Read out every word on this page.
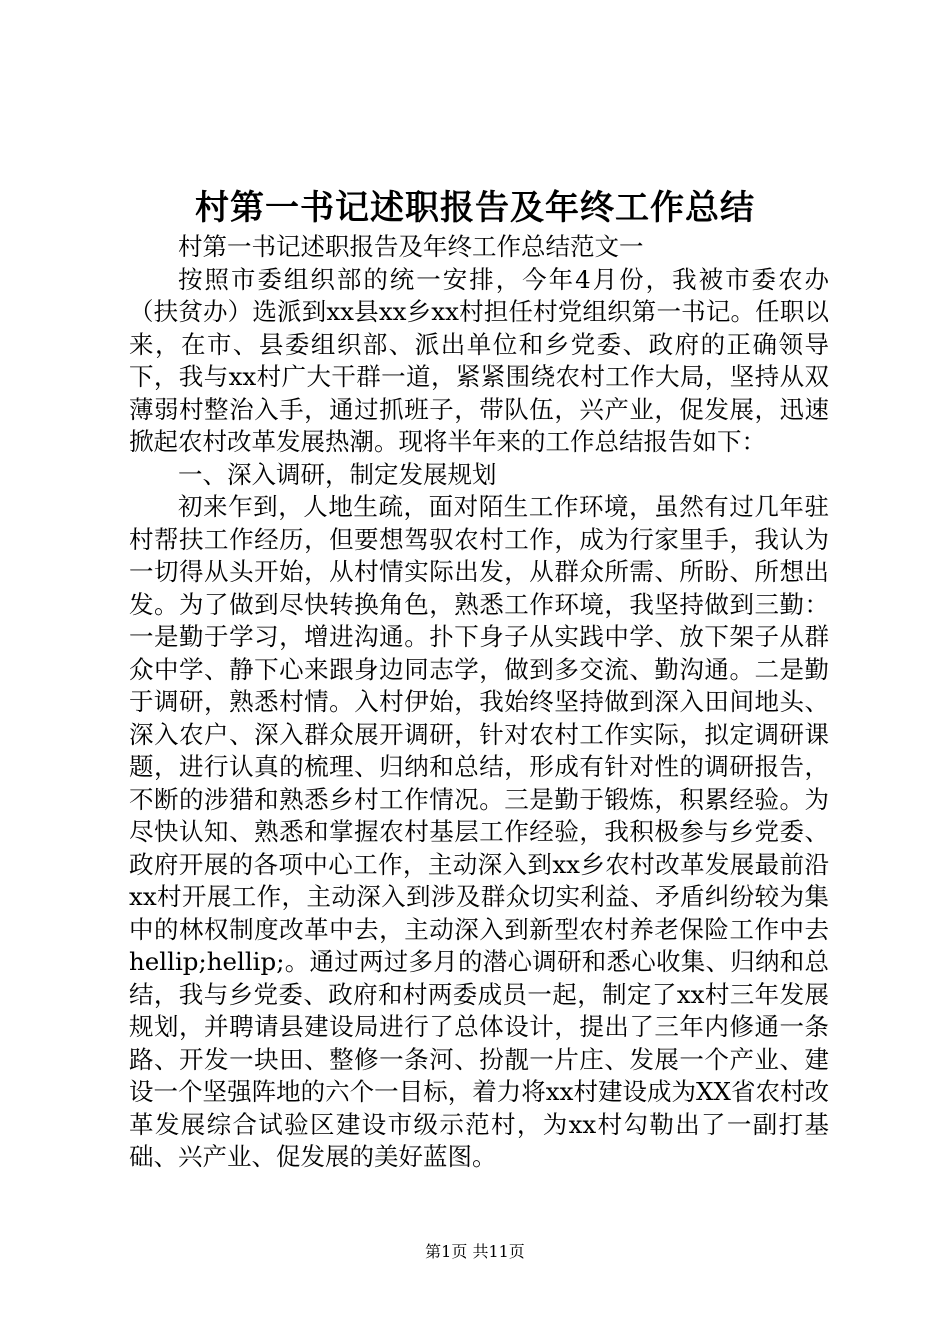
村第一书记述职报告及年终工作总结

村第一书记述职报告及年终工作总结范文一

按照市委组织部的统一安排，今年4月份，我被市委农办（扶贫办）选派到xx县xx乡xx村担任村党组织第一书记。任职以来，在市、县委组织部、派出单位和乡党委、政府的正确领导下，我与xx村广大干群一道，紧紧围绕农村工作大局，坚持从双薄弱村整治入手，通过抓班子，带队伍，兴产业，促发展，迅速掀起农村改革发展热潮。现将半年来的工作总结报告如下：

一、深入调研，制定发展规划

初来乍到，人地生疏，面对陌生工作环境，虽然有过几年驻村帮扶工作经历，但要想驾驭农村工作，成为行家里手，我认为一切得从头开始，从村情实际出发，从群众所需、所盼、所想出发。为了做到尽快转换角色，熟悉工作环境，我坚持做到三勤：一是勤于学习，增进沟通。扑下身子从实践中学、放下架子从群众中学、静下心来跟身边同志学，做到多交流、勤沟通。二是勤于调研，熟悉村情。入村伊始，我始终坚持做到深入田间地头、深入农户、深入群众展开调研，针对农村工作实际，拟定调研课题，进行认真的梳理、归纳和总结，形成有针对性的调研报告，不断的涉猎和熟悉乡村工作情况。三是勤于锻炼，积累经验。为尽快认知、熟悉和掌握农村基层工作经验，我积极参与乡党委、政府开展的各项中心工作，主动深入到xx乡农村改革发展最前沿xx村开展工作，主动深入到涉及群众切实利益、矛盾纠纷较为集中的林权制度改革中去，主动深入到新型农村养老保险工作中去hellip;hellip;。通过两过多月的潜心调研和悉心收集、归纳和总结，我与乡党委、政府和村两委成员一起，制定了xx村三年发展规划，并聘请县建设局进行了总体设计，提出了三年内修通一条路、开发一块田、整修一条河、扮靓一片庄、发展一个产业、建设一个坚强阵地的六个一目标，着力将xx村建设成为XX省农村改革发展综合试验区建设市级示范村，为xx村勾勒出了一副打基础、兴产业、促发展的美好蓝图。

第1页 共11页
